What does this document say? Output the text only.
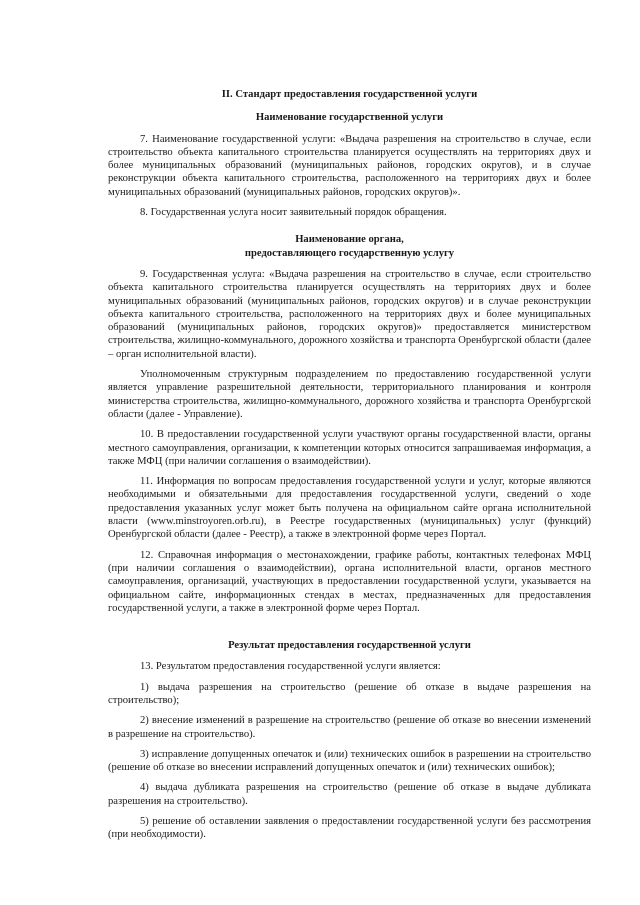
II. Стандарт предоставления государственной услуги
Наименование государственной услуги

7. Наименование государственной услуги: «Выдача разрешения на строительство в случае, если строительство объекта капитального строительства планируется осуществлять на территориях двух и более муниципальных образований (муниципальных районов, городских округов), и в случае реконструкции объекта капитального строительства, расположенного на территориях двух и более муниципальных образований (муниципальных районов, городских округов)».

8. Государственная услуга носит заявительный порядок обращения.

Наименование органа,
предоставляющего государственную услугу

9. Государственная услуга: «Выдача разрешения на строительство в случае, если строительство объекта капитального строительства планируется осуществлять на территориях двух и более муниципальных образований (муниципальных районов, городских округов) и в случае реконструкции объекта капитального строительства, расположенного на территориях двух и более муниципальных образований (муниципальных районов, городских округов)» предоставляется министерством строительства, жилищно-коммунального, дорожного хозяйства и транспорта Оренбургской области (далее – орган исполнительной власти).

Уполномоченным структурным подразделением по предоставлению государственной услуги является управление разрешительной деятельности, территориального планирования и контроля министерства строительства, жилищно-коммунального, дорожного хозяйства и транспорта Оренбургской области (далее - Управление).

10. В предоставлении государственной услуги участвуют органы государственной власти, органы местного самоуправления, организации, к компетенции которых относится запрашиваемая информация, а также МФЦ (при наличии соглашения о взаимодействии).

11. Информация по вопросам предоставления государственной услуги и услуг, которые являются необходимыми и обязательными для предоставления государственной услуги, сведений о ходе предоставления указанных услуг может быть получена на официальном сайте органа исполнительной власти (www.minstroyoren.orb.ru), в Реестре государственных (муниципальных) услуг (функций) Оренбургской области (далее - Реестр), а также в электронной форме через Портал.

12. Справочная информация о местонахождении, графике работы, контактных телефонах МФЦ (при наличии соглашения о взаимодействии), органа исполнительной власти, органов местного самоуправления, организаций, участвующих в предоставлении государственной услуги, указывается на официальном сайте, информационных стендах в местах, предназначенных для предоставления государственной услуги, а также в электронной форме через Портал.

Результат предоставления государственной услуги

13. Результатом предоставления государственной услуги является:

1) выдача разрешения на строительство (решение об отказе в выдаче разрешения на строительство);

2) внесение изменений в разрешение на строительство (решение об отказе во внесении изменений в разрешение на строительство).

3) исправление допущенных опечаток и (или) технических ошибок в разрешении на строительство (решение об отказе во внесении исправлений допущенных опечаток и (или) технических ошибок);

4) выдача дубликата разрешения на строительство (решение об отказе в выдаче дубликата разрешения на строительство).

5) решение об оставлении заявления о предоставлении государственной услуги без рассмотрения (при необходимости).
